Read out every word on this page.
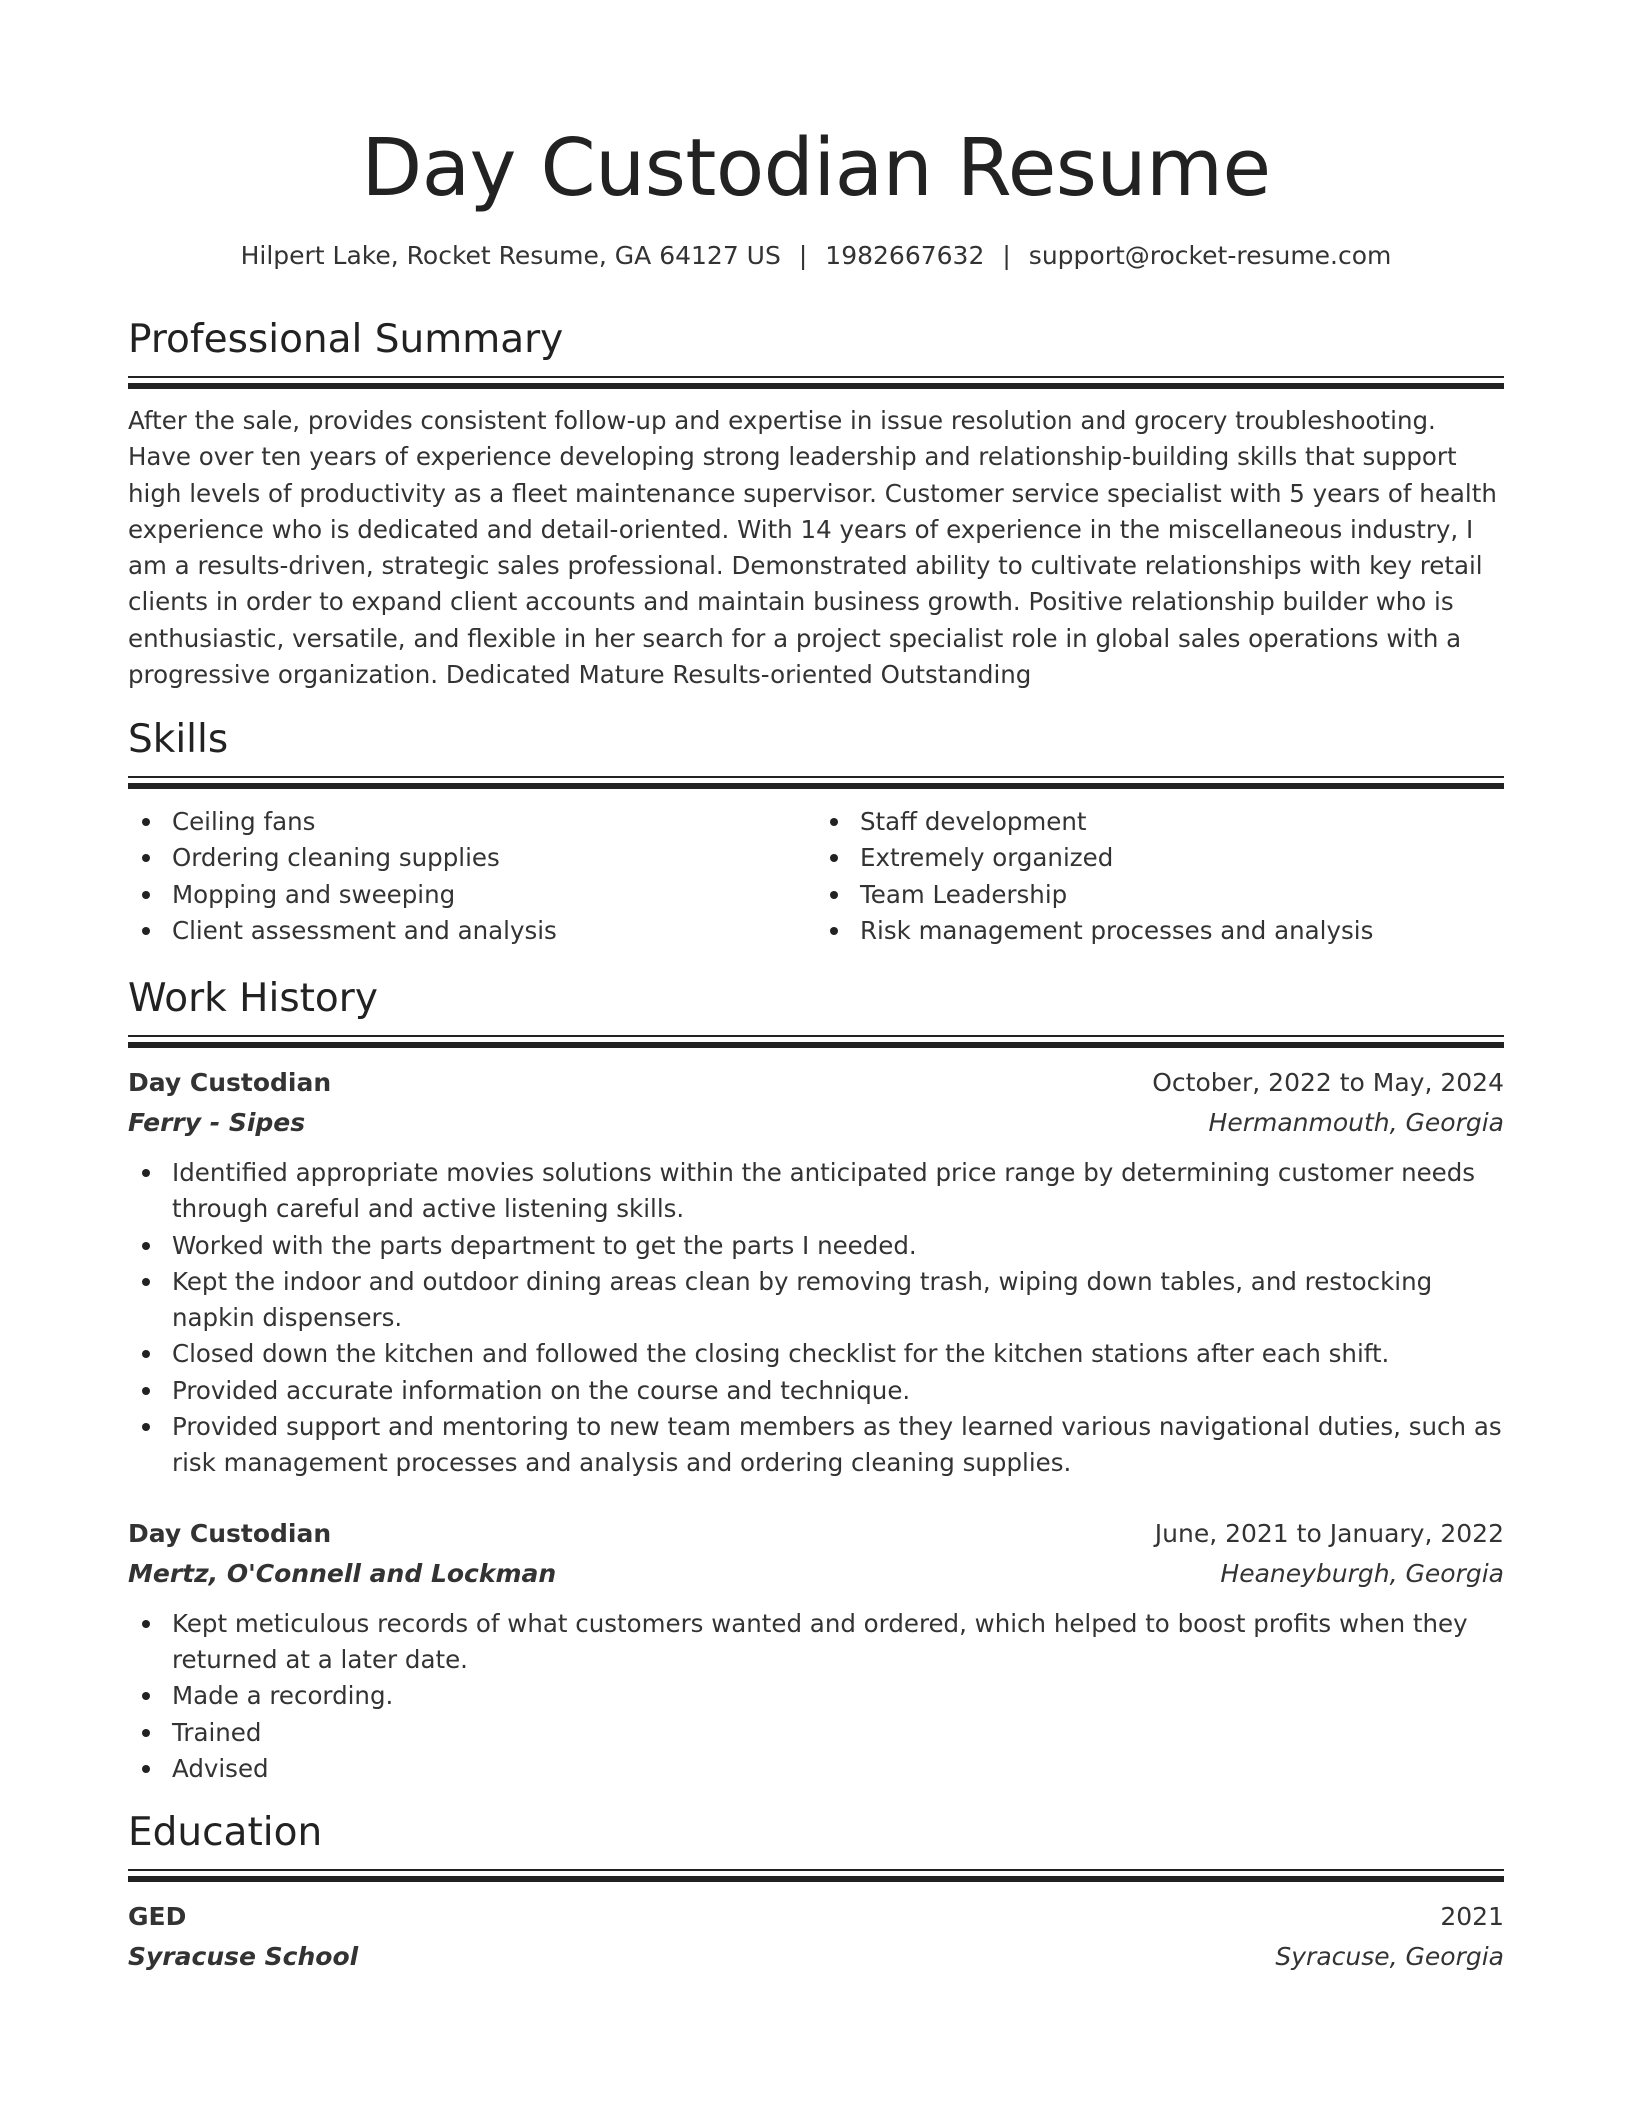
Day Custodian Resume
Hilpert Lake, Rocket Resume, GA 64127 US | 1982667632 | support@rocket-resume.com
Professional Summary

After the sale, provides consistent follow-up and expertise in issue resolution and grocery troubleshooting. Have over ten years of experience developing strong leadership and relationship-building skills that support high levels of productivity as a fleet maintenance supervisor. Customer service specialist with 5 years of health experience who is dedicated and detail-oriented. With 14 years of experience in the miscellaneous industry, I am a results-driven, strategic sales professional. Demonstrated ability to cultivate relationships with key retail clients in order to expand client accounts and maintain business growth. Positive relationship builder who is enthusiastic, versatile, and flexible in her search for a project specialist role in global sales operations with a progressive organization. Dedicated Mature Results-oriented Outstanding

Skills
Ceiling fans
Ordering cleaning supplies
Mopping and sweeping
Client assessment and analysis
Staff development
Extremely organized
Team Leadership
Risk management processes and analysis
Work History
Day Custodian	October, 2022 to May, 2024
Ferry - Sipes	Hermanmouth, Georgia
Identified appropriate movies solutions within the anticipated price range by determining customer needs through careful and active listening skills.
Worked with the parts department to get the parts I needed.
Kept the indoor and outdoor dining areas clean by removing trash, wiping down tables, and restocking napkin dispensers.
Closed down the kitchen and followed the closing checklist for the kitchen stations after each shift.
Provided accurate information on the course and technique.
Provided support and mentoring to new team members as they learned various navigational duties, such as risk management processes and analysis and ordering cleaning supplies.
Day Custodian	June, 2021 to January, 2022
Mertz, O'Connell and Lockman	Heaneyburgh, Georgia
Kept meticulous records of what customers wanted and ordered, which helped to boost profits when they returned at a later date.
Made a recording.
Trained
Advised
Education
GED	2021
Syracuse School	Syracuse, Georgia
